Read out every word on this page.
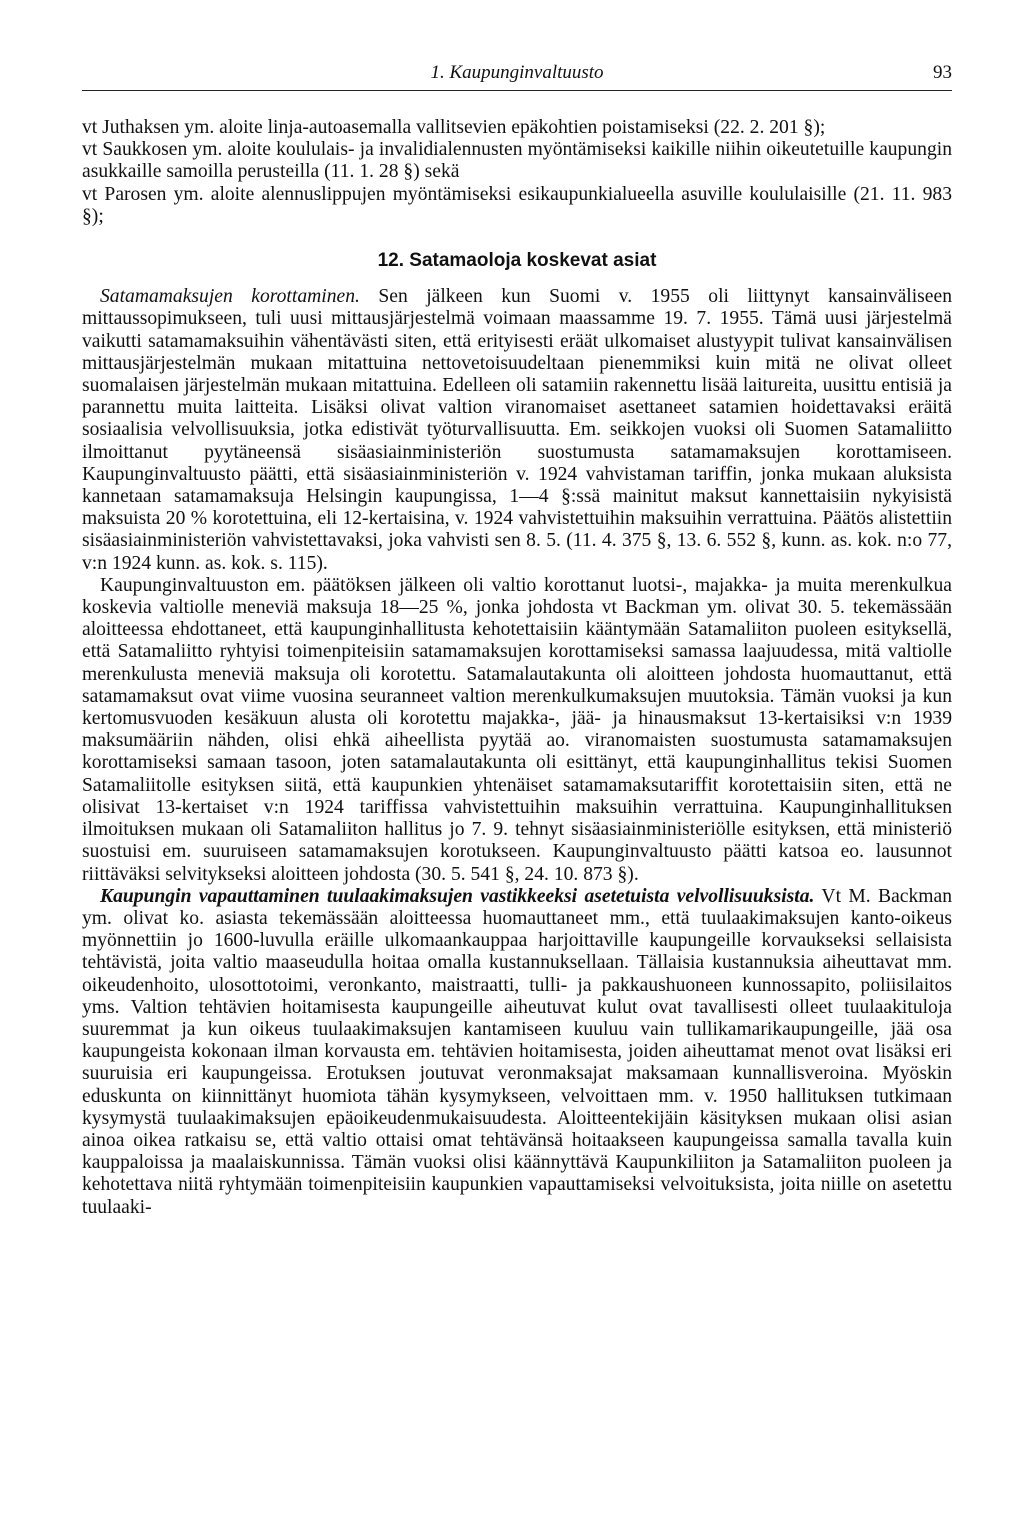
1. Kaupunginvaltuusto	93

vt Juthaksen ym. aloite linja-autoasemalla vallitsevien epäkohtien poistamiseksi (22. 2. 201 §);

vt Saukkosen ym. aloite koululais- ja invalidialennusten myöntämiseksi kaikille niihin oikeutetuille kaupungin asukkaille samoilla perusteilla (11. 1. 28 §) sekä

vt Parosen ym. aloite alennuslippujen myöntämiseksi esikaupunkialueella asuville koululaisille (21. 11. 983 §);

12. Satamaoloja koskevat asiat

Satamamaksujen korottaminen. Sen jälkeen kun Suomi v. 1955 oli liittynyt kansainväliseen mittaussopimukseen, tuli uusi mittausjärjestelmä voimaan maassamme 19. 7. 1955. Tämä uusi järjestelmä vaikutti satamamaksuihin vähentävästi siten, että erityisesti eräät ulkomaiset alustyypit tulivat kansainvälisen mittausjärjestelmän mukaan mitattuina nettovetoisuudeltaan pienemmiksi kuin mitä ne olivat olleet suomalaisen järjestelmän mukaan mitattuina. Edelleen oli satamiin rakennettu lisää laitureita, uusittu entisiä ja parannettu muita laitteita. Lisäksi olivat valtion viranomaiset asettaneet satamien hoidettavaksi eräitä sosiaalisia velvollisuuksia, jotka edistivät työturvallisuutta. Em. seikkojen vuoksi oli Suomen Satamaliitto ilmoittanut pyytäneensä sisäasiainministeriön suostumusta satamamaksujen korottamiseen. Kaupunginvaltuusto päätti, että sisäasiainministeriön v. 1924 vahvistaman tariffin, jonka mukaan aluksista kannetaan satamamaksuja Helsingin kaupungissa, 1—4 §:ssä mainitut maksut kannettaisiin nykyisistä maksuista 20 % korotettuina, eli 12-kertaisina, v. 1924 vahvistettuihin maksuihin verrattuina. Päätös alistettiin sisäasiainministeriön vahvistettavaksi, joka vahvisti sen 8. 5. (11. 4. 375 §, 13. 6. 552 §, kunn. as. kok. n:o 77, v:n 1924 kunn. as. kok. s. 115).

Kaupunginvaltuuston em. päätöksen jälkeen oli valtio korottanut luotsi-, majakka- ja muita merenkulkua koskevia valtiolle meneviä maksuja 18—25 %, jonka johdosta vt Backman ym. olivat 30. 5. tekemässään aloitteessa ehdottaneet, että kaupunginhallitusta kehotettaisiin kääntymään Satamaliiton puoleen esityksellä, että Satamaliitto ryhtyisi toimenpiteisiin satamamaksujen korottamiseksi samassa laajuudessa, mitä valtiolle merenkulusta meneviä maksuja oli korotettu. Satamalautakunta oli aloitteen johdosta huomauttanut, että satamamaksut ovat viime vuosina seuranneet valtion merenkulkumaksujen muutoksia. Tämän vuoksi ja kun kertomusvuoden kesäkuun alusta oli korotettu majakka-, jää- ja hinausmaksut 13-kertaisiksi v:n 1939 maksumääriin nähden, olisi ehkä aiheellista pyytää ao. viranomaisten suostumusta satamamaksujen korottamiseksi samaan tasoon, joten satamalautakunta oli esittänyt, että kaupunginhallitus tekisi Suomen Satamaliitolle esityksen siitä, että kaupunkien yhtenäiset satamamaksutariffit korotettaisiin siten, että ne olisivat 13-kertaiset v:n 1924 tariffissa vahvistettuihin maksuihin verrattuina. Kaupunginhallituksen ilmoituksen mukaan oli Satamaliiton hallitus jo 7. 9. tehnyt sisäasiainministeriölle esityksen, että ministeriö suostuisi em. suuruiseen satamamaksujen korotukseen. Kaupunginvaltuusto päätti katsoa eo. lausunnot riittäväksi selvitykseksi aloitteen johdosta (30. 5. 541 §, 24. 10. 873 §).

Kaupungin vapauttaminen tuulaakimaksujen vastikkeeksi asetetuista velvollisuuksista. Vt M. Backman ym. olivat ko. asiasta tekemässään aloitteessa huomauttaneet mm., että tuulaakimaksujen kanto-oikeus myönnettiin jo 1600-luvulla eräille ulkomaankauppaa harjoittaville kaupungeille korvaukseksi sellaisista tehtävistä, joita valtio maaseudulla hoitaa omalla kustannuksellaan. Tällaisia kustannuksia aiheuttavat mm. oikeudenhoito, ulosottotoimi, veronkanto, maistraatti, tulli- ja pakkaushuoneen kunnossapito, poliisilaitos yms. Valtion tehtävien hoitamisesta kaupungeille aiheutuvat kulut ovat tavallisesti olleet tuulaakituloja suuremmat ja kun oikeus tuulaakimaksujen kantamiseen kuuluu vain tullikamarikaupungeille, jää osa kaupungeista kokonaan ilman korvausta em. tehtävien hoitamisesta, joiden aiheuttamat menot ovat lisäksi eri suuruisia eri kaupungeissa. Erotuksen joutuvat veronmaksajat maksamaan kunnallisveroina. Myöskin eduskunta on kiinnittänyt huomiota tähän kysymykseen, velvoittaen mm. v. 1950 hallituksen tutkimaan kysymystä tuulaakimaksujen epäoikeudenmukaisuudesta. Aloitteentekijäin käsityksen mukaan olisi asian ainoa oikea ratkaisu se, että valtio ottaisi omat tehtävänsä hoitaakseen kaupungeissa samalla tavalla kuin kauppaloissa ja maalaiskunnissa. Tämän vuoksi olisi käännyttävä Kaupunkiliiton ja Satamaliiton puoleen ja kehotettava niitä ryhtymään toimenpiteisiin kaupunkien vapauttamiseksi velvoituksista, joita niille on asetettu tuulaaki-
